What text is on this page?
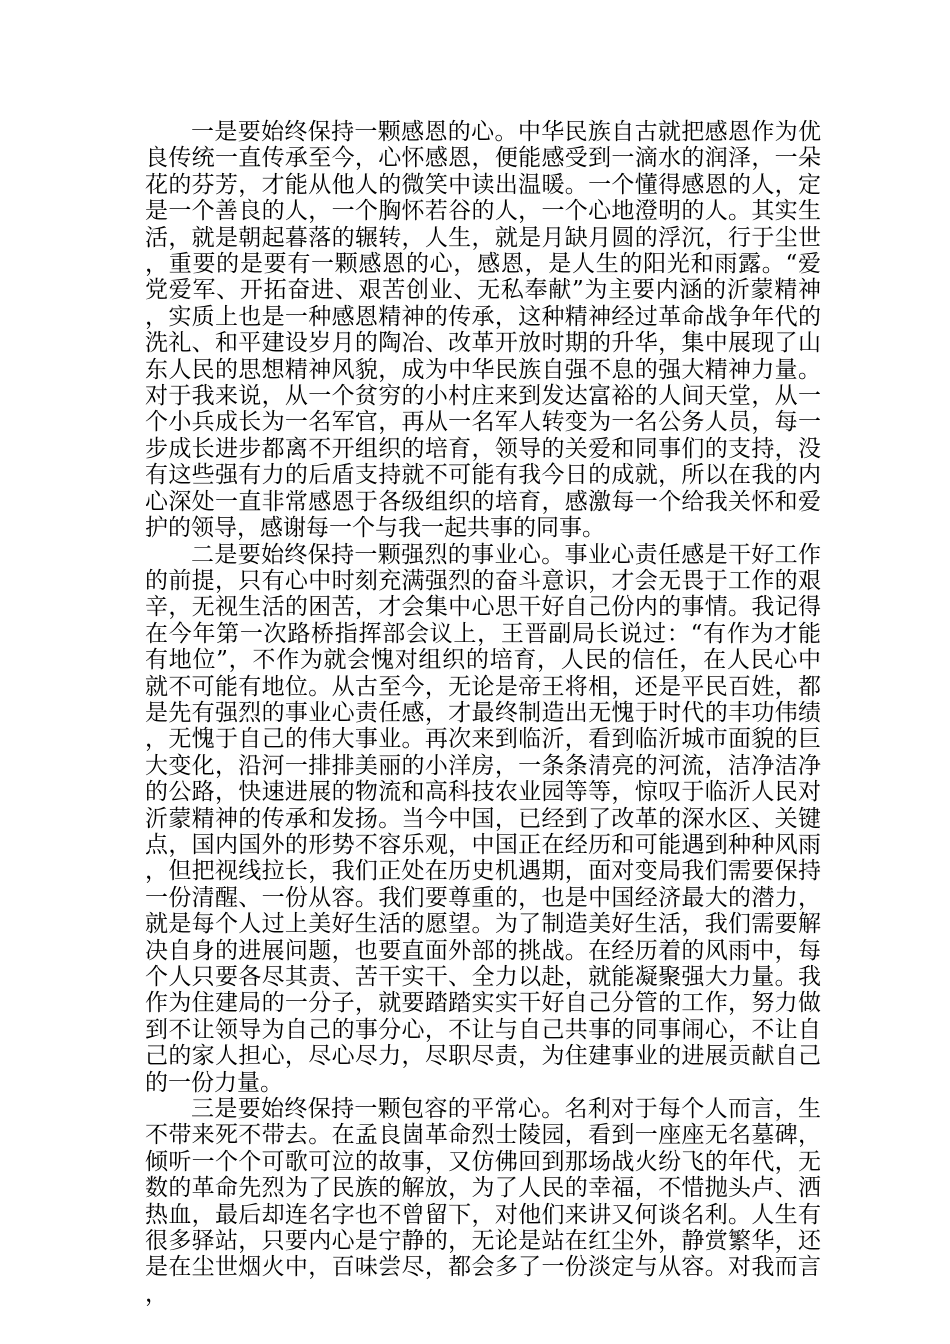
一是要始终保持一颗感恩的心。中华民族自古就把感恩作为优良传统一直传承至今，心怀感恩，便能感受到一滴水的润泽，一朵花的芬芳，才能从他人的微笑中读出温暖。一个懂得感恩的人，定是一个善良的人，一个胸怀若谷的人，一个心地澄明的人。其实生活，就是朝起暮落的辗转，人生，就是月缺月圆的浮沉，行于尘世，重要的是要有一颗感恩的心，感恩，是人生的阳光和雨露。“爱党爱军、开拓奋进、艰苦创业、无私奉献”为主要内涵的沂蒙精神，实质上也是一种感恩精神的传承，这种精神经过革命战争年代的洗礼、和平建设岁月的陶冶、改革开放时期的升华，集中展现了山东人民的思想精神风貌，成为中华民族自强不息的强大精神力量。对于我来说，从一个贫穷的小村庄来到发达富裕的人间天堂，从一个小兵成长为一名军官，再从一名军人转变为一名公务人员，每一步成长进步都离不开组织的培育，领导的关爱和同事们的支持，没有这些强有力的后盾支持就不可能有我今日的成就，所以在我的内心深处一直非常感恩于各级组织的培育，感激每一个给我关怀和爱护的领导，感谢每一个与我一起共事的同事。

二是要始终保持一颗强烈的事业心。事业心责任感是干好工作的前提，只有心中时刻充满强烈的奋斗意识，才会无畏于工作的艰辛，无视生活的困苦，才会集中心思干好自己份内的事情。我记得在今年第一次路桥指挥部会议上，王晋副局长说过：“有作为才能有地位”，不作为就会愧对组织的培育，人民的信任，在人民心中就不可能有地位。从古至今，无论是帝王将相，还是平民百姓，都是先有强烈的事业心责任感，才最终制造出无愧于时代的丰功伟绩，无愧于自己的伟大事业。再次来到临沂，看到临沂城市面貌的巨大变化，沿河一排排美丽的小洋房，一条条清亮的河流，洁净洁净的公路，快速进展的物流和高科技农业园等等，惊叹于临沂人民对沂蒙精神的传承和发扬。当今中国，已经到了改革的深水区、关键点，国内国外的形势不容乐观，中国正在经历和可能遇到种种风雨，但把视线拉长，我们正处在历史机遇期，面对变局我们需要保持一份清醒、一份从容。我们要尊重的，也是中国经济最大的潜力，就是每个人过上美好生活的愿望。为了制造美好生活，我们需要解决自身的进展问题，也要直面外部的挑战。在经历着的风雨中，每个人只要各尽其责、苦干实干、全力以赴，就能凝聚强大力量。我作为住建局的一分子，就要踏踏实实干好自己分管的工作，努力做到不让领导为自己的事分心，不让与自己共事的同事闹心，不让自己的家人担心，尽心尽力，尽职尽责，为住建事业的进展贡献自己的一份力量。

三是要始终保持一颗包容的平常心。名利对于每个人而言，生不带来死不带去。在孟良崮革命烈士陵园，看到一座座无名墓碑，倾听一个个可歌可泣的故事，又仿佛回到那场战火纷飞的年代，无数的革命先烈为了民族的解放，为了人民的幸福，不惜抛头卢、洒热血，最后却连名字也不曾留下，对他们来讲又何谈名利。人生有很多驿站，只要内心是宁静的，无论是站在红尘外，静赏繁华，还是在尘世烟火中，百味尝尽，都会多了一份淡定与从容。对我而言，
